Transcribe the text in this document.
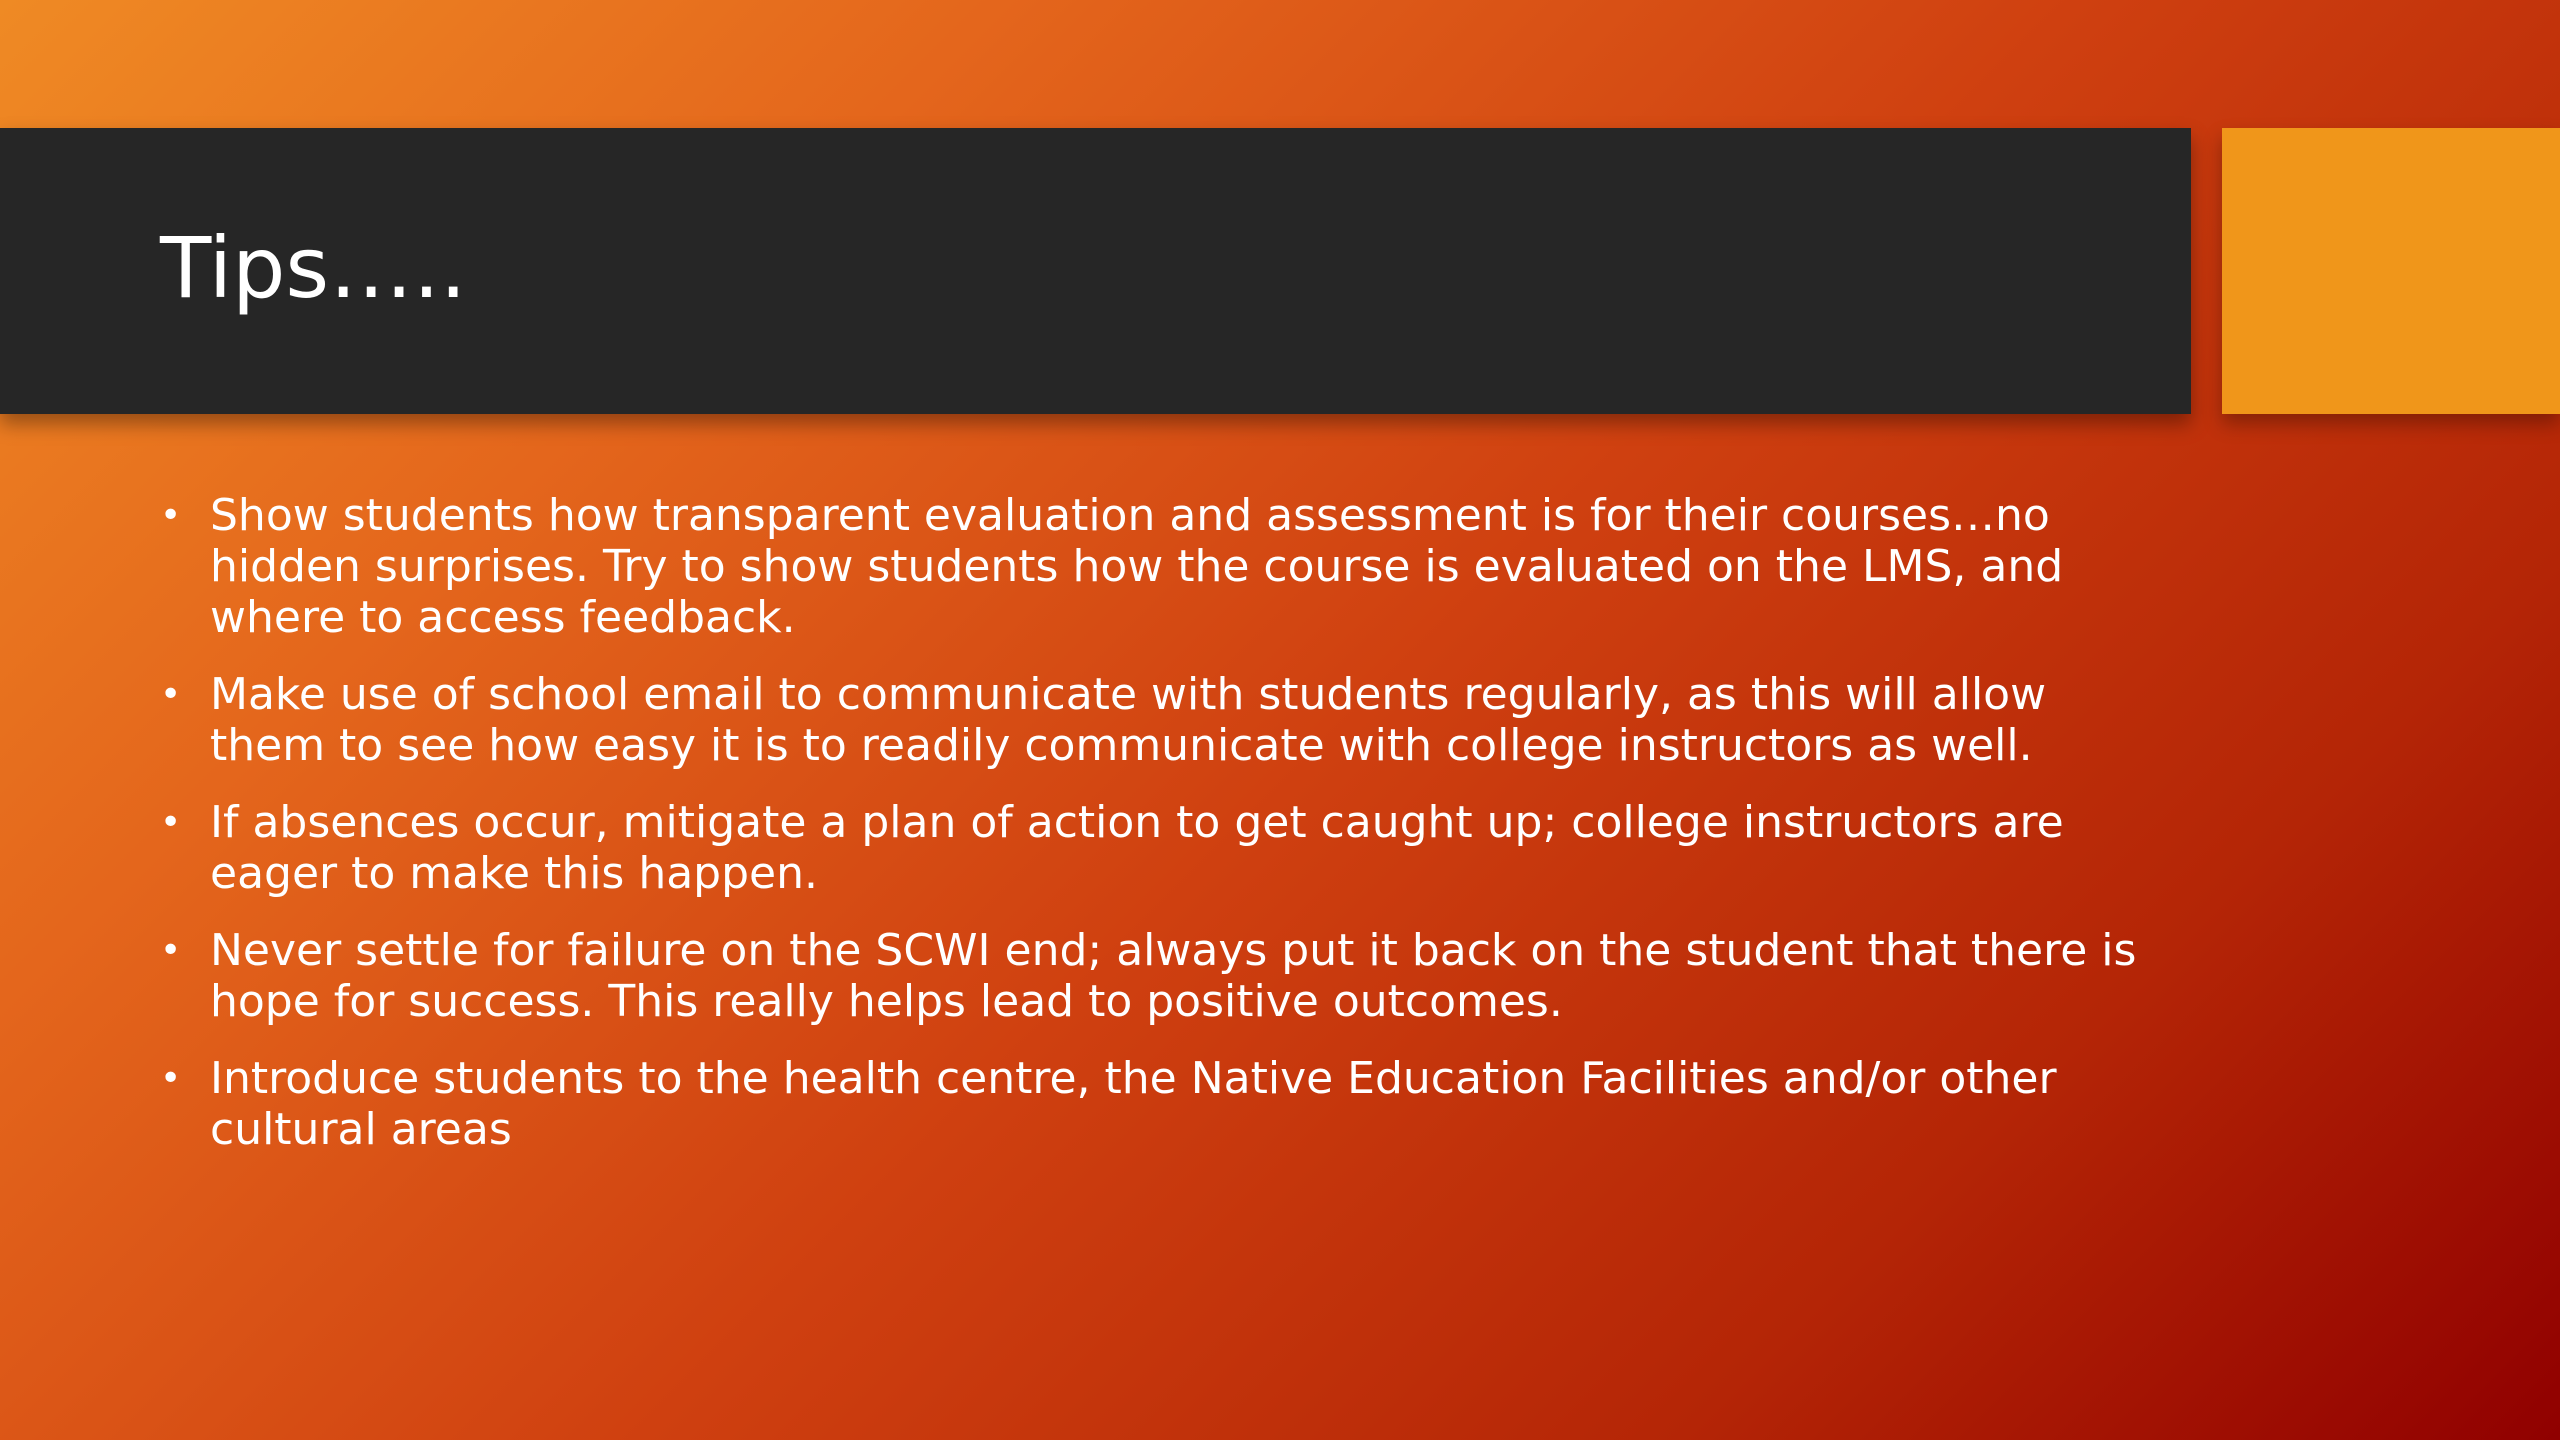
Tips…..
• Show students how transparent evaluation and assessment is for their courses…no hidden surprises. Try to show students how the course is evaluated on the LMS, and where to access feedback.
• Make use of school email to communicate with students regularly, as this will allow them to see how easy it is to readily communicate with college instructors as well.
• If absences occur, mitigate a plan of action to get caught up; college instructors are eager to make this happen.
• Never settle for failure on the SCWI end; always put it back on the student that there is hope for success. This really helps lead to positive outcomes.
• Introduce students to the health centre, the Native Education Facilities and/or other cultural areas
